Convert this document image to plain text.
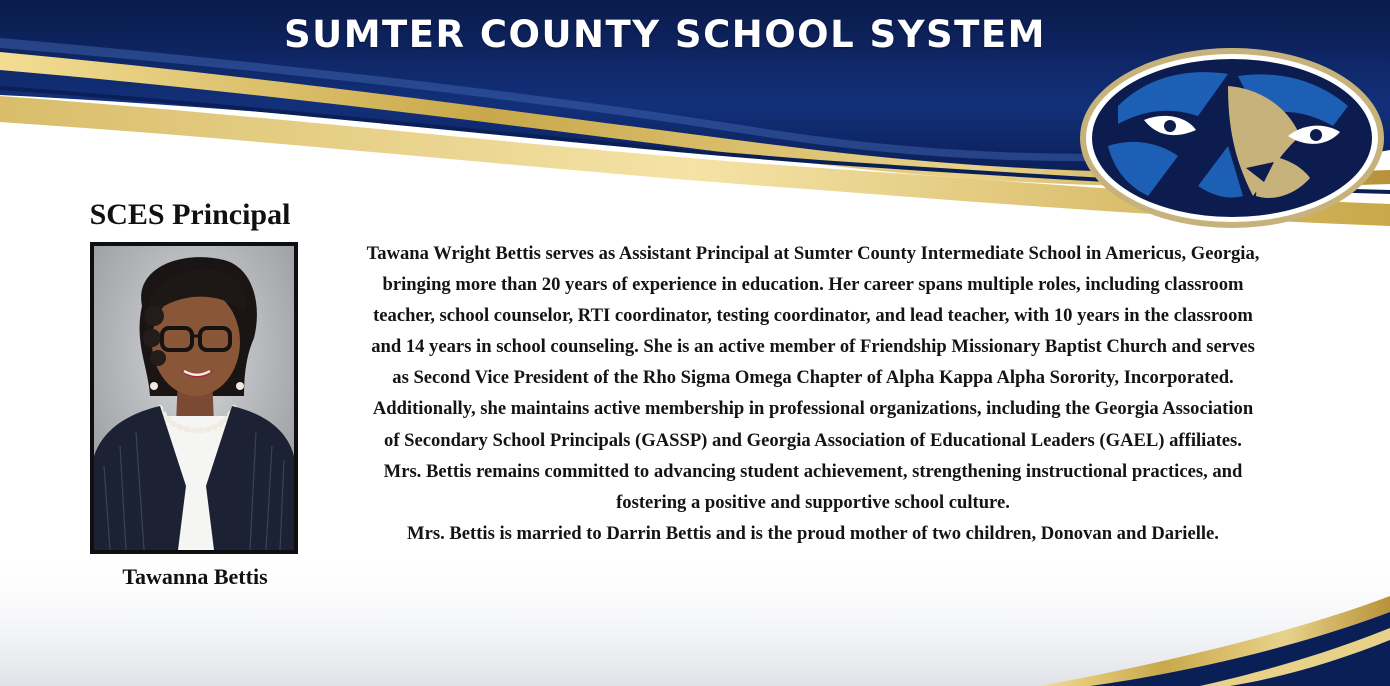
SUMTER COUNTY SCHOOL SYSTEM
SCES Principal
Tawanna Bettis

Tawana Wright Bettis serves as Assistant Principal at Sumter County Intermediate School in Americus, Georgia, bringing more than 20 years of experience in education. Her career spans multiple roles, including classroom teacher, school counselor, RTI coordinator, testing coordinator, and lead teacher, with 10 years in the classroom and 14 years in school counseling. She is an active member of Friendship Missionary Baptist Church and serves as Second Vice President of the Rho Sigma Omega Chapter of Alpha Kappa Alpha Sorority, Incorporated. Additionally, she maintains active membership in professional organizations, including the Georgia Association of Secondary School Principals (GASSP) and Georgia Association of Educational Leaders (GAEL) affiliates. Mrs. Bettis remains committed to advancing student achievement, strengthening instructional practices, and fostering a positive and supportive school culture.

Mrs. Bettis is married to Darrin Bettis and is the proud mother of two children, Donovan and Darielle.
